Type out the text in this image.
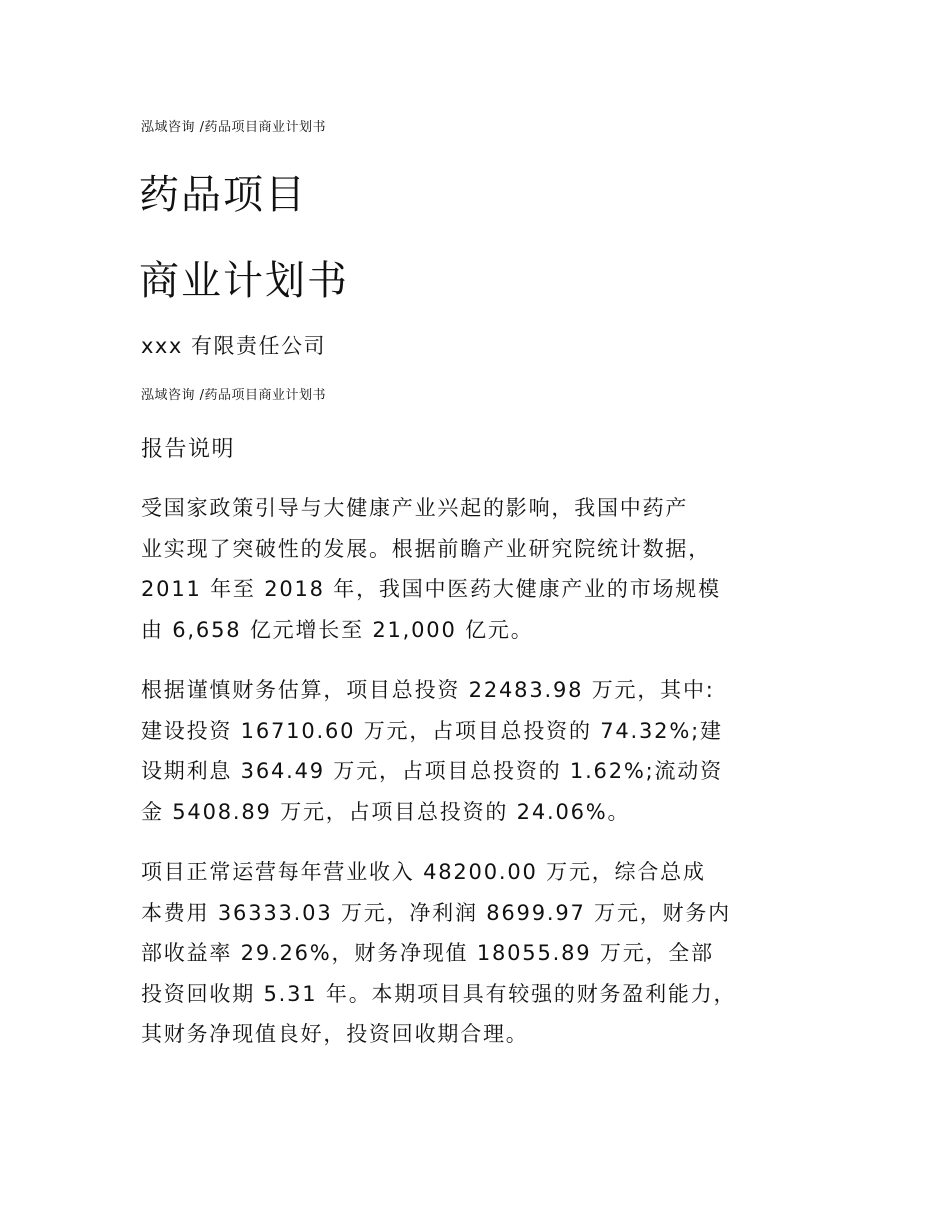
泓域咨询 /药品项目商业计划书
药品项目
商业计划书
xxx 有限责任公司
泓域咨询 /药品项目商业计划书
报告说明
受国家政策引导与大健康产业兴起的影响，我国中药产
业实现了突破性的发展。根据前瞻产业研究院统计数据，
2011 年至 2018 年，我国中医药大健康产业的市场规模
由 6,658 亿元增长至 21,000 亿元。
根据谨慎财务估算，项目总投资 22483.98 万元，其中:
建设投资 16710.60 万元，占项目总投资的 74.32%;建
设期利息 364.49 万元，占项目总投资的 1.62%;流动资
金 5408.89 万元，占项目总投资的 24.06%。
项目正常运营每年营业收入 48200.00 万元，综合总成
本费用 36333.03 万元，净利润 8699.97 万元，财务内
部收益率 29.26%，财务净现值 18055.89 万元，全部
投资回收期 5.31 年。本期项目具有较强的财务盈利能力，
其财务净现值良好，投资回收期合理。
